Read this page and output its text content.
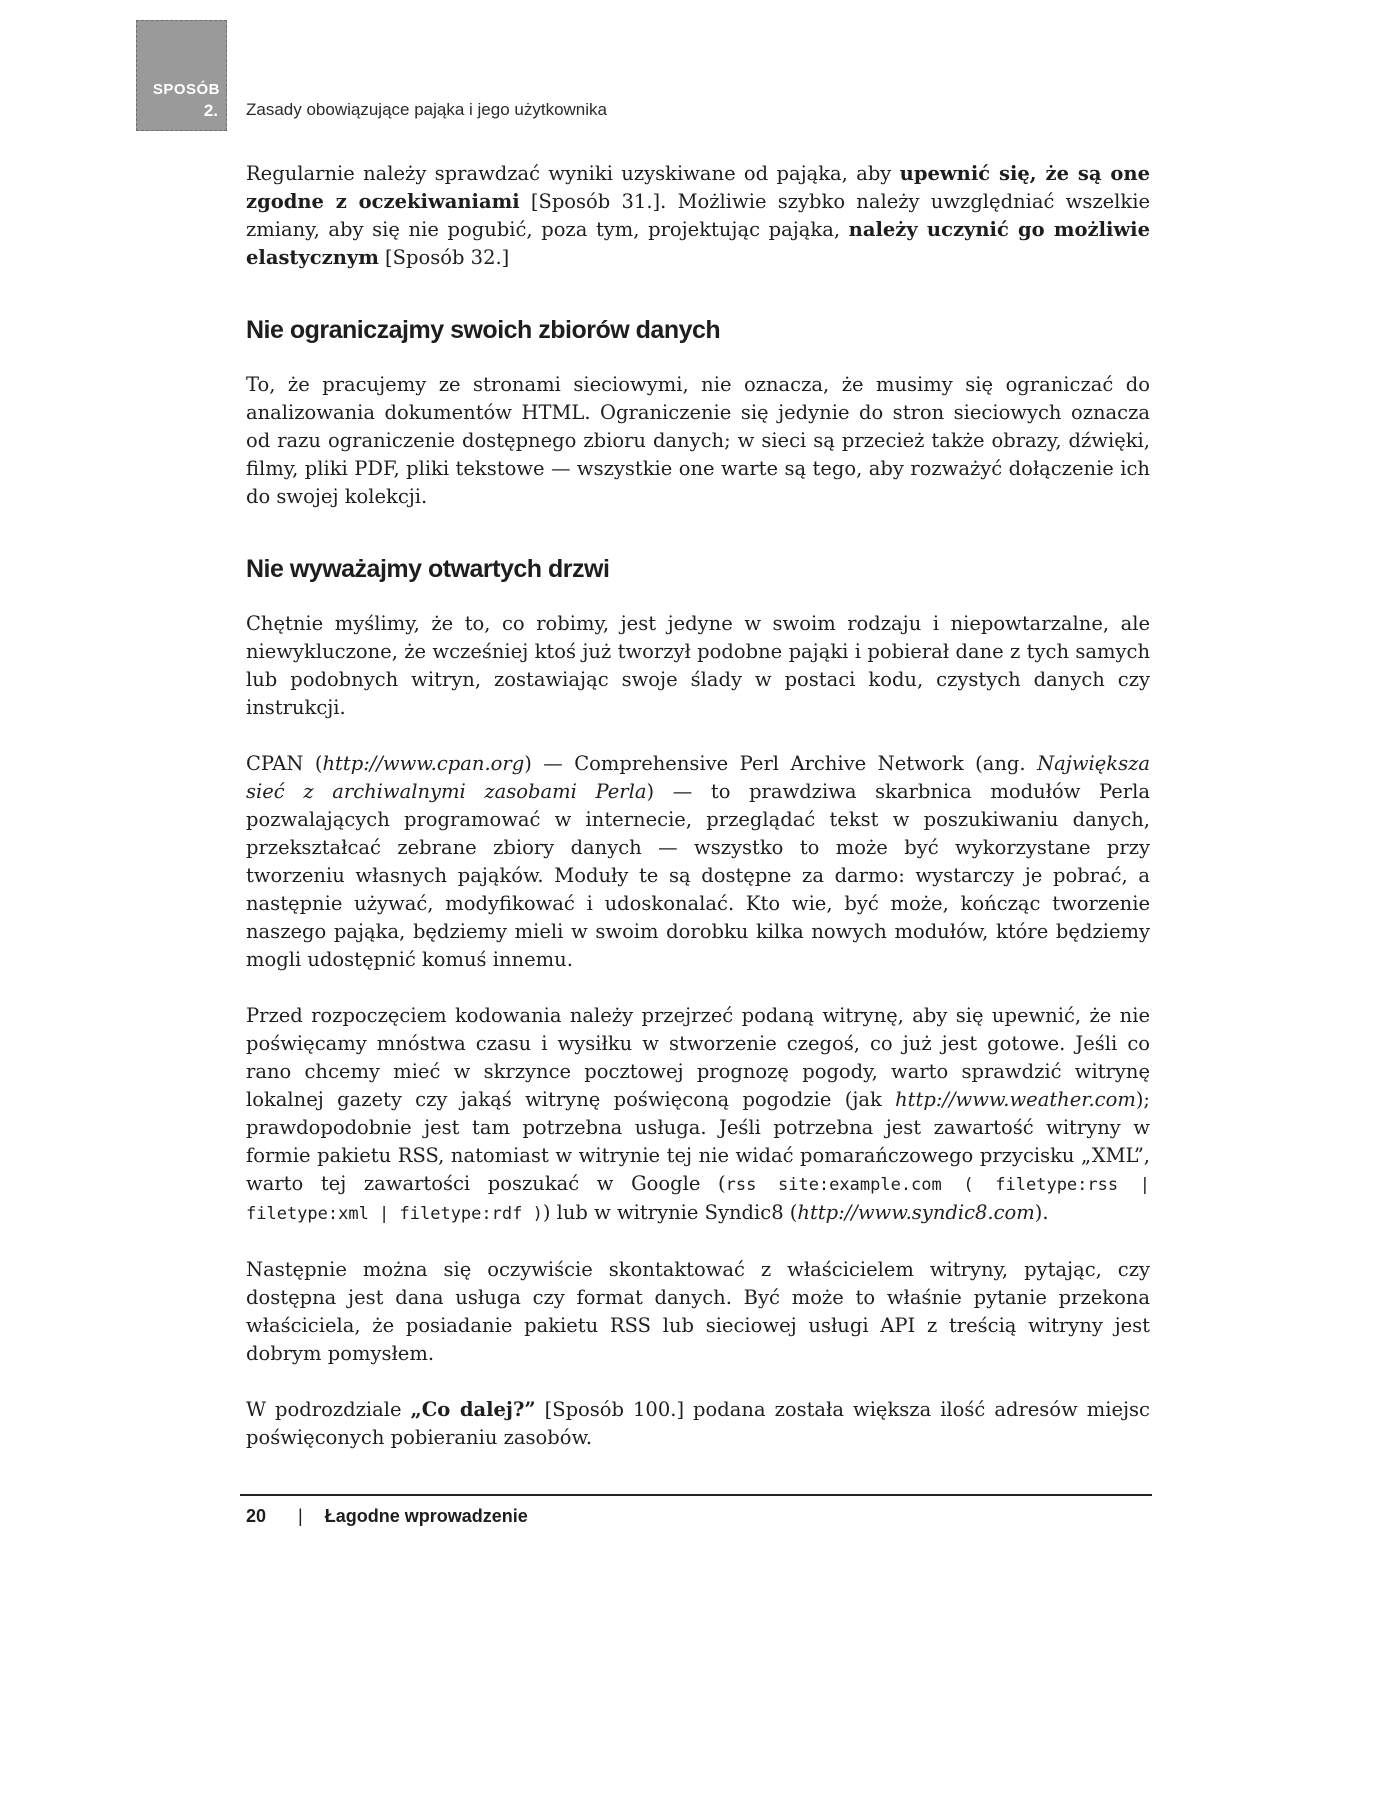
SPOSÓB
2. Zasady obowiązujące pająka i jego użytkownika

Regularnie należy sprawdzać wyniki uzyskiwane od pająka, aby upewnić się, że są one zgodne z oczekiwaniami [Sposób 31.]. Możliwie szybko należy uwzględniać wszelkie zmiany, aby się nie pogubić, poza tym, projektując pająka, należy uczynić go możliwie elastycznym [Sposób 32.]

Nie ograniczajmy swoich zbiorów danych

To, że pracujemy ze stronami sieciowymi, nie oznacza, że musimy się ograniczać do analizowania dokumentów HTML. Ograniczenie się jedynie do stron sieciowych oznacza od razu ograniczenie dostępnego zbioru danych; w sieci są przecież także obrazy, dźwięki, filmy, pliki PDF, pliki tekstowe — wszystkie one warte są tego, aby rozważyć dołączenie ich do swojej kolekcji.

Nie wyważajmy otwartych drzwi

Chętnie myślimy, że to, co robimy, jest jedyne w swoim rodzaju i niepowtarzalne, ale niewykluczone, że wcześniej ktoś już tworzył podobne pająki i pobierał dane z tych samych lub podobnych witryn, zostawiając swoje ślady w postaci kodu, czystych danych czy instrukcji.

CPAN (http://www.cpan.org) — Comprehensive Perl Archive Network (ang. Największa sieć z archiwalnymi zasobami Perla) — to prawdziwa skarbnica modułów Perla pozwalających programować w internecie, przeglądać tekst w poszukiwaniu danych, przekształcać zebrane zbiory danych — wszystko to może być wykorzystane przy tworzeniu własnych pająków. Moduły te są dostępne za darmo: wystarczy je pobrać, a następnie używać, modyfikować i udoskonalać. Kto wie, być może, kończąc tworzenie naszego pająka, będziemy mieli w swoim dorobku kilka nowych modułów, które będziemy mogli udostępnić komuś innemu.

Przed rozpoczęciem kodowania należy przejrzeć podaną witrynę, aby się upewnić, że nie poświęcamy mnóstwa czasu i wysiłku w stworzenie czegoś, co już jest gotowe. Jeśli co rano chcemy mieć w skrzynce pocztowej prognozę pogody, warto sprawdzić witrynę lokalnej gazety czy jakąś witrynę poświęconą pogodzie (jak http://www.weather.com); prawdopodobnie jest tam potrzebna usługa. Jeśli potrzebna jest zawartość witryny w formie pakietu RSS, natomiast w witrynie tej nie widać pomarańczowego przycisku „XML”, warto tej zawartości poszukać w Google (rss site:example.com ( filetype:rss | filetype:xml | filetype:rdf )) lub w witrynie Syndic8 (http://www.syndic8.com).

Następnie można się oczywiście skontaktować z właścicielem witryny, pytając, czy dostępna jest dana usługa czy format danych. Być może to właśnie pytanie przekona właściciela, że posiadanie pakietu RSS lub sieciowej usługi API z treścią witryny jest dobrym pomysłem.

W podrozdziale „Co dalej?” [Sposób 100.] podana została większa ilość adresów miejsc poświęconych pobieraniu zasobów.

20 | Łagodne wprowadzenie
